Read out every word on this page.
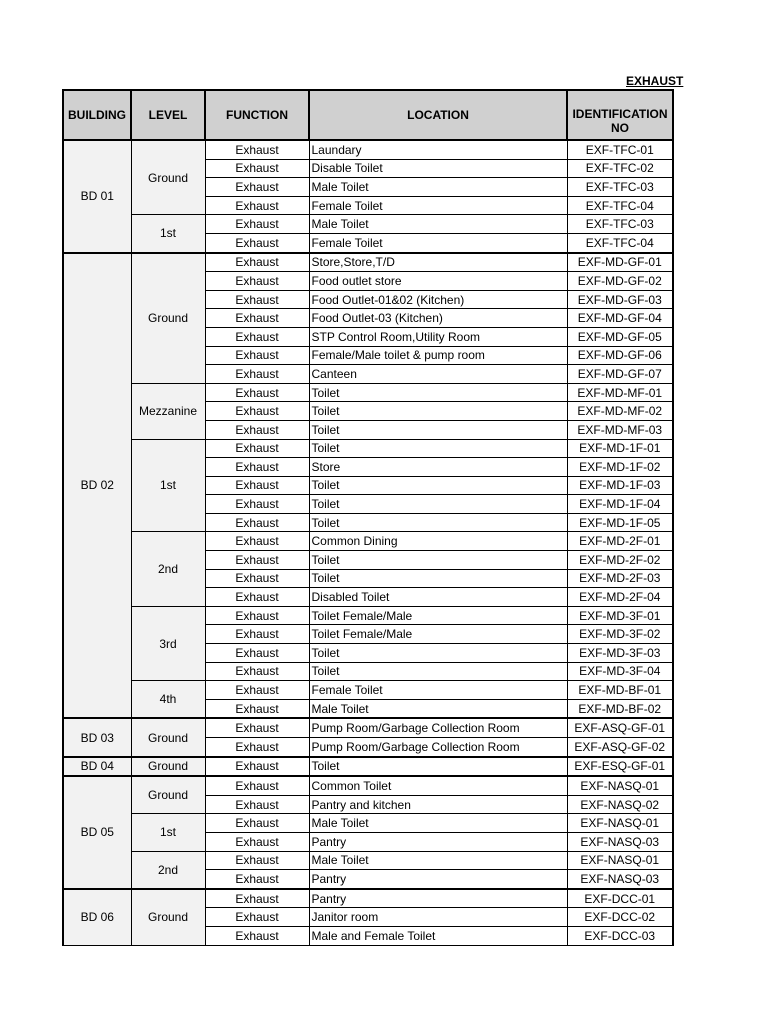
EXHAUST
BUILDING	LEVEL	FUNCTION	LOCATION	IDENTIFICATION
NO
BD 01	Ground	Exhaust	Laundary	EXF-TFC-01
		Exhaust	Disable Toilet	EXF-TFC-02
		Exhaust	Male Toilet	EXF-TFC-03
		Exhaust	Female Toilet	EXF-TFC-04
	1st	Exhaust	Male Toilet	EXF-TFC-03
		Exhaust	Female Toilet	EXF-TFC-04
BD 02	Ground	Exhaust	Store,Store,T/D	EXF-MD-GF-01
		Exhaust	Food outlet store	EXF-MD-GF-02
		Exhaust	Food Outlet-01&02 (Kitchen)	EXF-MD-GF-03
		Exhaust	Food Outlet-03 (Kitchen)	EXF-MD-GF-04
		Exhaust	STP Control Room,Utility Room	EXF-MD-GF-05
		Exhaust	Female/Male toilet & pump room	EXF-MD-GF-06
		Exhaust	Canteen	EXF-MD-GF-07
	Mezzanine	Exhaust	Toilet	EXF-MD-MF-01
		Exhaust	Toilet	EXF-MD-MF-02
		Exhaust	Toilet	EXF-MD-MF-03
	1st	Exhaust	Toilet	EXF-MD-1F-01
		Exhaust	Store	EXF-MD-1F-02
		Exhaust	Toilet	EXF-MD-1F-03
		Exhaust	Toilet	EXF-MD-1F-04
		Exhaust	Toilet	EXF-MD-1F-05
	2nd	Exhaust	Common Dining	EXF-MD-2F-01
		Exhaust	Toilet	EXF-MD-2F-02
		Exhaust	Toilet	EXF-MD-2F-03
		Exhaust	Disabled Toilet	EXF-MD-2F-04
	3rd	Exhaust	Toilet Female/Male	EXF-MD-3F-01
		Exhaust	Toilet Female/Male	EXF-MD-3F-02
		Exhaust	Toilet	EXF-MD-3F-03
		Exhaust	Toilet	EXF-MD-3F-04
	4th	Exhaust	Female Toilet	EXF-MD-BF-01
		Exhaust	Male Toilet	EXF-MD-BF-02
BD 03	Ground	Exhaust	Pump Room/Garbage Collection Room	EXF-ASQ-GF-01
		Exhaust	Pump Room/Garbage Collection Room	EXF-ASQ-GF-02
BD 04	Ground	Exhaust	Toilet	EXF-ESQ-GF-01
BD 05	Ground	Exhaust	Common Toilet	EXF-NASQ-01
		Exhaust	Pantry and kitchen	EXF-NASQ-02
	1st	Exhaust	Male Toilet	EXF-NASQ-01
		Exhaust	Pantry	EXF-NASQ-03
	2nd	Exhaust	Male Toilet	EXF-NASQ-01
		Exhaust	Pantry	EXF-NASQ-03
BD 06	Ground	Exhaust	Pantry	EXF-DCC-01
		Exhaust	Janitor room	EXF-DCC-02
		Exhaust	Male and Female Toilet	EXF-DCC-03
